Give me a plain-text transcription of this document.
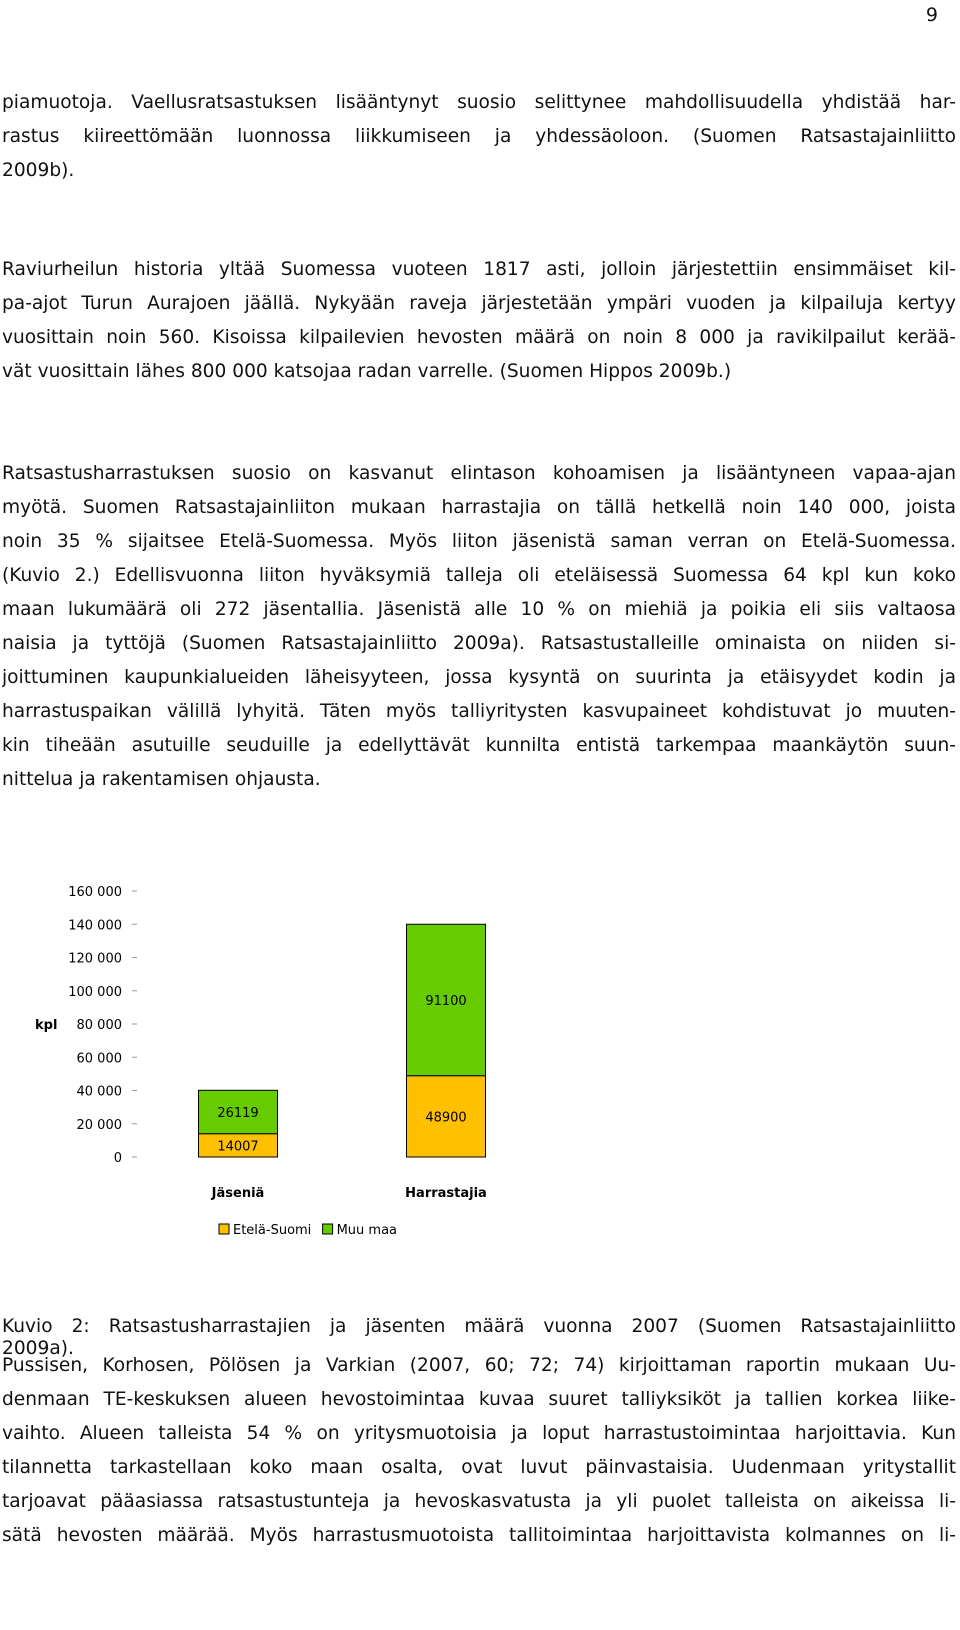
9
piamuotoja. Vaellusratsastuksen lisääntynyt suosio selittynee mahdollisuudella yhdistää har-
rastus kiireettömään luonnossa liikkumiseen ja yhdessäoloon. (Suomen Ratsastajainliitto
2009b).
Raviurheilun historia yltää Suomessa vuoteen 1817 asti, jolloin järjestettiin ensimmäiset kil-
pa-ajot Turun Aurajoen jäällä. Nykyään raveja järjestetään ympäri vuoden ja kilpailuja kertyy
vuosittain noin 560. Kisoissa kilpailevien hevosten määrä on noin 8 000 ja ravikilpailut kerää-
vät vuosittain lähes 800 000 katsojaa radan varrelle. (Suomen Hippos 2009b.)
Ratsastusharrastuksen suosio on kasvanut elintason kohoamisen ja lisääntyneen vapaa-ajan
myötä. Suomen Ratsastajainliiton mukaan harrastajia on tällä hetkellä noin 140 000, joista
noin 35 % sijaitsee Etelä-Suomessa. Myös liiton jäsenistä saman verran on Etelä-Suomessa.
(Kuvio 2.) Edellisvuonna liiton hyväksymiä talleja oli eteläisessä Suomessa 64 kpl kun koko
maan lukumäärä oli 272 jäsentallia. Jäsenistä alle 10 % on miehiä ja poikia eli siis valtaosa
naisia ja tyttöjä (Suomen Ratsastajainliitto 2009a). Ratsastustalleille ominaista on niiden si-
joittuminen kaupunkialueiden läheisyyteen, jossa kysyntä on suurinta ja etäisyydet kodin ja
harrastuspaikan välillä lyhyitä. Täten myös talliyritysten kasvupaineet kohdistuvat jo muuten-
kin tiheään asutuille seuduille ja edellyttävät kunnilta entistä tarkempaa maankäytön suun-
nittelua ja rakentamisen ohjausta.
0
20 000
40 000
60 000
80 000
100 000
120 000
140 000
160 000
kpl
Jäseniä	Harrastajia
14007
26119	48900
91100
Etelä-Suomi Muu maa
Kuvio 2: Ratsastusharrastajien ja jäsenten määrä vuonna 2007 (Suomen Ratsastajainliitto
2009a).
Pussisen, Korhosen, Pölösen ja Varkian (2007, 60; 72; 74) kirjoittaman raportin mukaan Uu-
denmaan TE-keskuksen alueen hevostoimintaa kuvaa suuret talliyksiköt ja tallien korkea liike-
vaihto. Alueen talleista 54 % on yritysmuotoisia ja loput harrastustoimintaa harjoittavia. Kun
tilannetta tarkastellaan koko maan osalta, ovat luvut päinvastaisia. Uudenmaan yritystallit
tarjoavat pääasiassa ratsastustunteja ja hevoskasvatusta ja yli puolet talleista on aikeissa li-
sätä hevosten määrää. Myös harrastusmuotoista tallitoimintaa harjoittavista kolmannes on li-
